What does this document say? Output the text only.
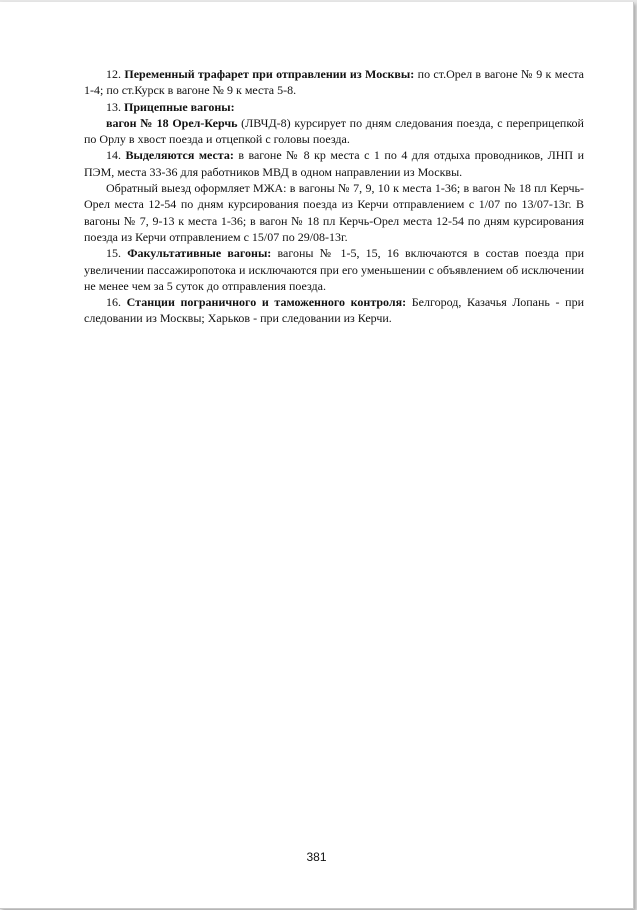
12. Переменный трафарет при отправлении из Москвы: по ст.Орел в вагоне № 9 к места 1-4; по ст.Курск в вагоне № 9 к места 5-8.

13. Прицепные вагоны:

вагон № 18 Орел-Керчь (ЛВЧД-8) курсирует по дням следования поезда, с переприцепкой по Орлу в хвост поезда и отцепкой с головы поезда.

14. Выделяются места: в вагоне № 8 кр места с 1 по 4 для отдыха проводников, ЛНП и ПЭМ, места 33-36 для работников МВД в одном направлении из Москвы.

Обратный выезд оформляет МЖА: в вагоны № 7, 9, 10 к места 1-36; в вагон № 18 пл Керчь-Орел места 12-54 по дням курсирования поезда из Керчи отправлением с 1/07 по 13/07-13г. В вагоны № 7, 9-13 к места 1-36; в вагон № 18 пл Керчь-Орел места 12-54 по дням курсирования поезда из Керчи отправлением с 15/07 по 29/08-13г.

15. Факультативные вагоны: вагоны № 1-5, 15, 16 включаются в состав поезда при увеличении пассажиропотока и исключаются при его уменьшении с объявлением об исключении не менее чем за 5 суток до отправления поезда.

16. Станции пограничного и таможенного контроля: Белгород, Казачья Лопань - при следовании из Москвы; Харьков - при следовании из Керчи.

381
